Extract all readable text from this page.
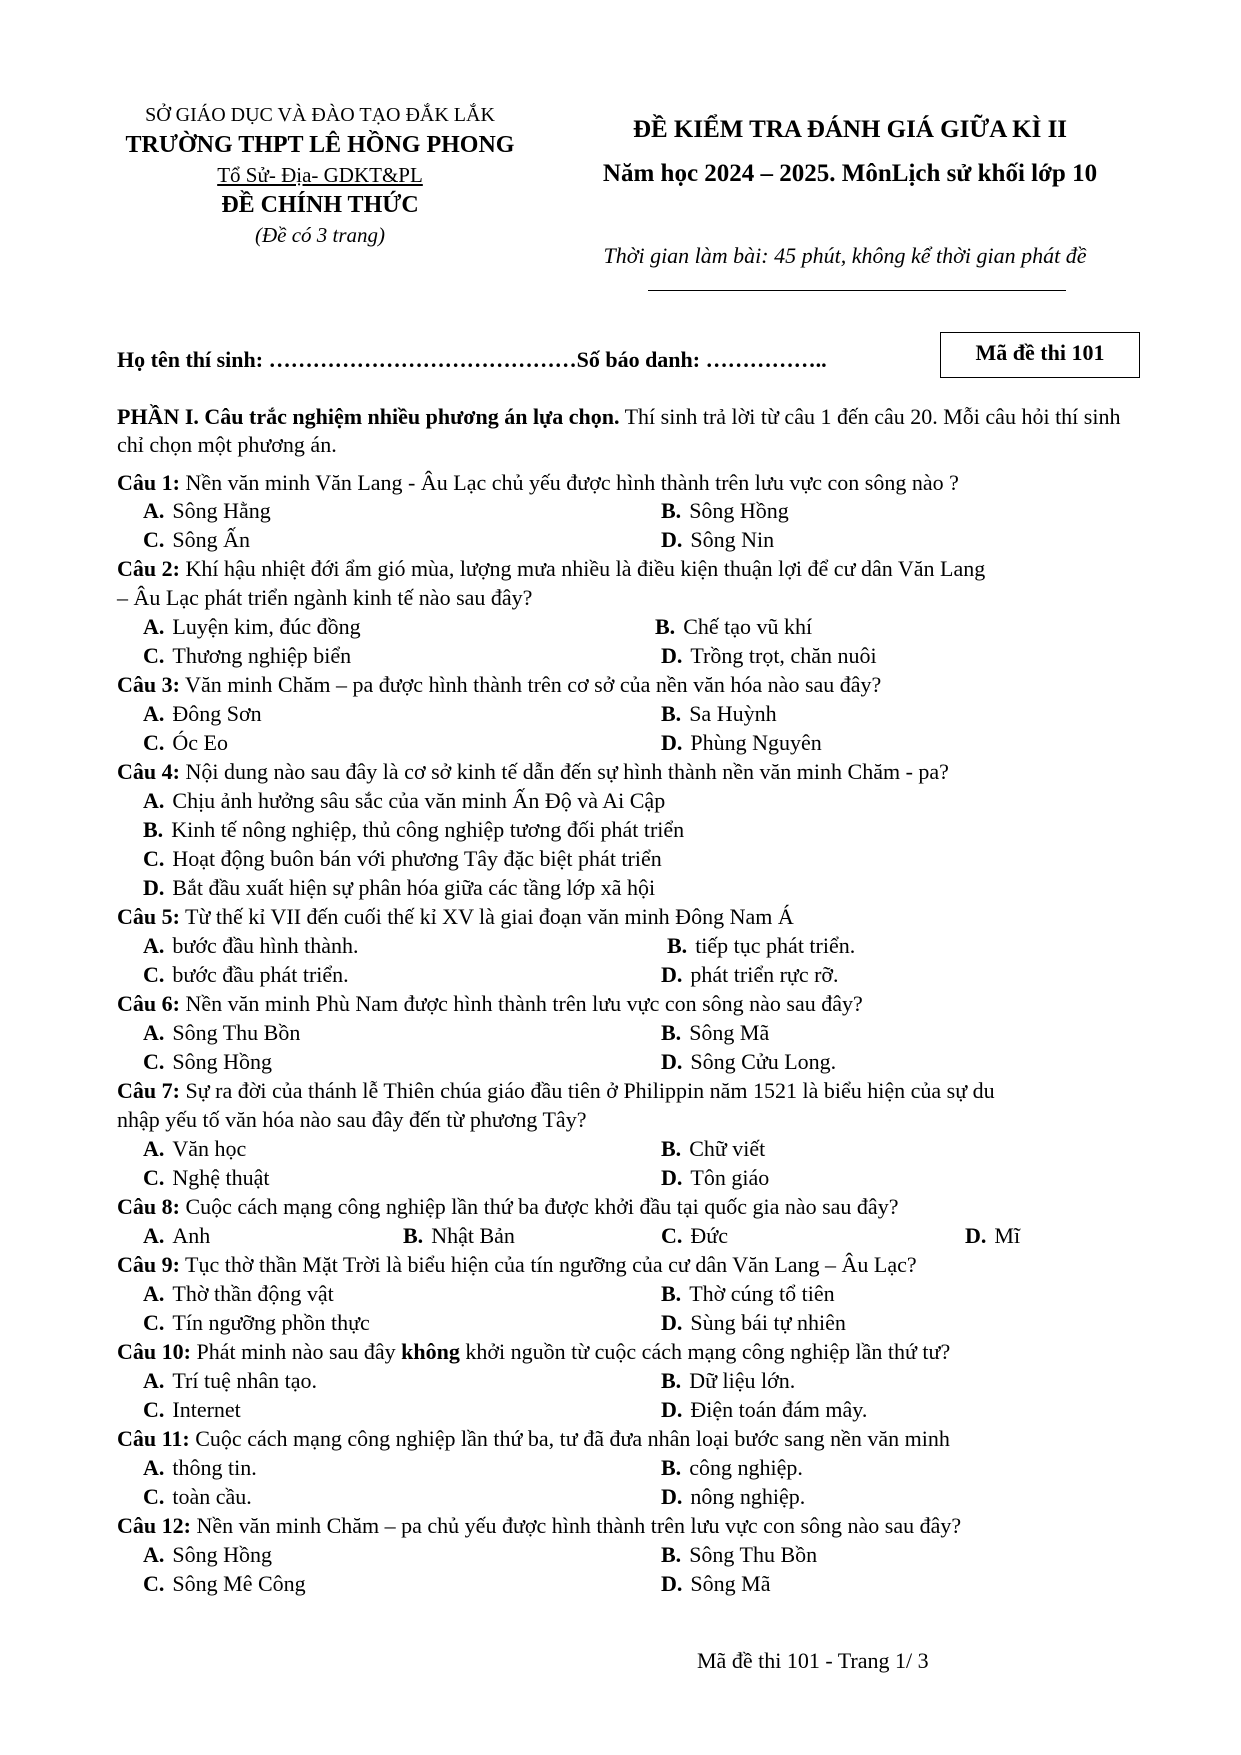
SỞ GIÁO DỤC VÀ ĐÀO TẠO ĐẮK LẮK
TRƯỜNG THPT LÊ HỒNG PHONG
Tổ Sử- Địa- GDKT&PL
ĐỀ CHÍNH THỨC
(Đề có 3 trang)
ĐỀ KIỂM TRA ĐÁNH GIÁ GIỮA KÌ II
Năm học 2024 – 2025. MônLịch sử khối lớp 10
Thời gian làm bài: 45 phút, không kể thời gian phát đề
Họ tên thí sinh: ……………………………………Số báo danh: ……………..	Mã đề thi 101
PHẦN I. Câu trắc nghiệm nhiều phương án lựa chọn. Thí sinh trả lời từ câu 1 đến câu 20. Mỗi câu hỏi thí sinh chỉ chọn một phương án.
Câu 1: Nền văn minh Văn Lang - Âu Lạc chủ yếu được hình thành trên lưu vực con sông nào ?
A. Sông Hằng	B. Sông Hồng
C. Sông Ấn	D. Sông Nin
Câu 2: Khí hậu nhiệt đới ẩm gió mùa, lượng mưa nhiều là điều kiện thuận lợi để cư dân Văn Lang
– Âu Lạc phát triển ngành kinh tế nào sau đây?
A. Luyện kim, đúc đồng	B. Chế tạo vũ khí
C. Thương nghiệp biển	D. Trồng trọt, chăn nuôi
Câu 3: Văn minh Chăm – pa được hình thành trên cơ sở của nền văn hóa nào sau đây?
A. Đông Sơn	B. Sa Huỳnh
C. Óc Eo	D. Phùng Nguyên
Câu 4: Nội dung nào sau đây là cơ sở kinh tế dẫn đến sự hình thành nền văn minh Chăm - pa?
A. Chịu ảnh hưởng sâu sắc của văn minh Ấn Độ và Ai Cập
B. Kinh tế nông nghiệp, thủ công nghiệp tương đối phát triển
C. Hoạt động buôn bán với phương Tây đặc biệt phát triển
D. Bắt đầu xuất hiện sự phân hóa giữa các tầng lớp xã hội
Câu 5: Từ thế kỉ VII đến cuối thế kỉ XV là giai đoạn văn minh Đông Nam Á
A. bước đầu hình thành.	B. tiếp tục phát triển.
C. bước đầu phát triển.	D. phát triển rực rỡ.
Câu 6: Nền văn minh Phù Nam được hình thành trên lưu vực con sông nào sau đây?
A. Sông Thu Bồn	B. Sông Mã
C. Sông Hồng	D. Sông Cửu Long.
Câu 7: Sự ra đời của thánh lễ Thiên chúa giáo đầu tiên ở Philippin năm 1521 là biểu hiện của sự du
nhập yếu tố văn hóa nào sau đây đến từ phương Tây?
A. Văn học	B. Chữ viết
C. Nghệ thuật	D. Tôn giáo
Câu 8: Cuộc cách mạng công nghiệp lần thứ ba được khởi đầu tại quốc gia nào sau đây?
A. Anh	B. Nhật Bản	C. Đức	D. Mĩ
Câu 9: Tục thờ thần Mặt Trời là biểu hiện của tín ngưỡng của cư dân Văn Lang – Âu Lạc?
A. Thờ thần động vật	B. Thờ cúng tổ tiên
C. Tín ngưỡng phồn thực	D. Sùng bái tự nhiên
Câu 10: Phát minh nào sau đây không khởi nguồn từ cuộc cách mạng công nghiệp lần thứ tư?
A. Trí tuệ nhân tạo.	B. Dữ liệu lớn.
C. Internet	D. Điện toán đám mây.
Câu 11: Cuộc cách mạng công nghiệp lần thứ ba, tư đã đưa nhân loại bước sang nền văn minh
A. thông tin.	B. công nghiệp.
C. toàn cầu.	D. nông nghiệp.
Câu 12: Nền văn minh Chăm – pa chủ yếu được hình thành trên lưu vực con sông nào sau đây?
A. Sông Hồng	B. Sông Thu Bồn
C. Sông Mê Công	D. Sông Mã
Mã đề thi 101 - Trang 1/ 3
